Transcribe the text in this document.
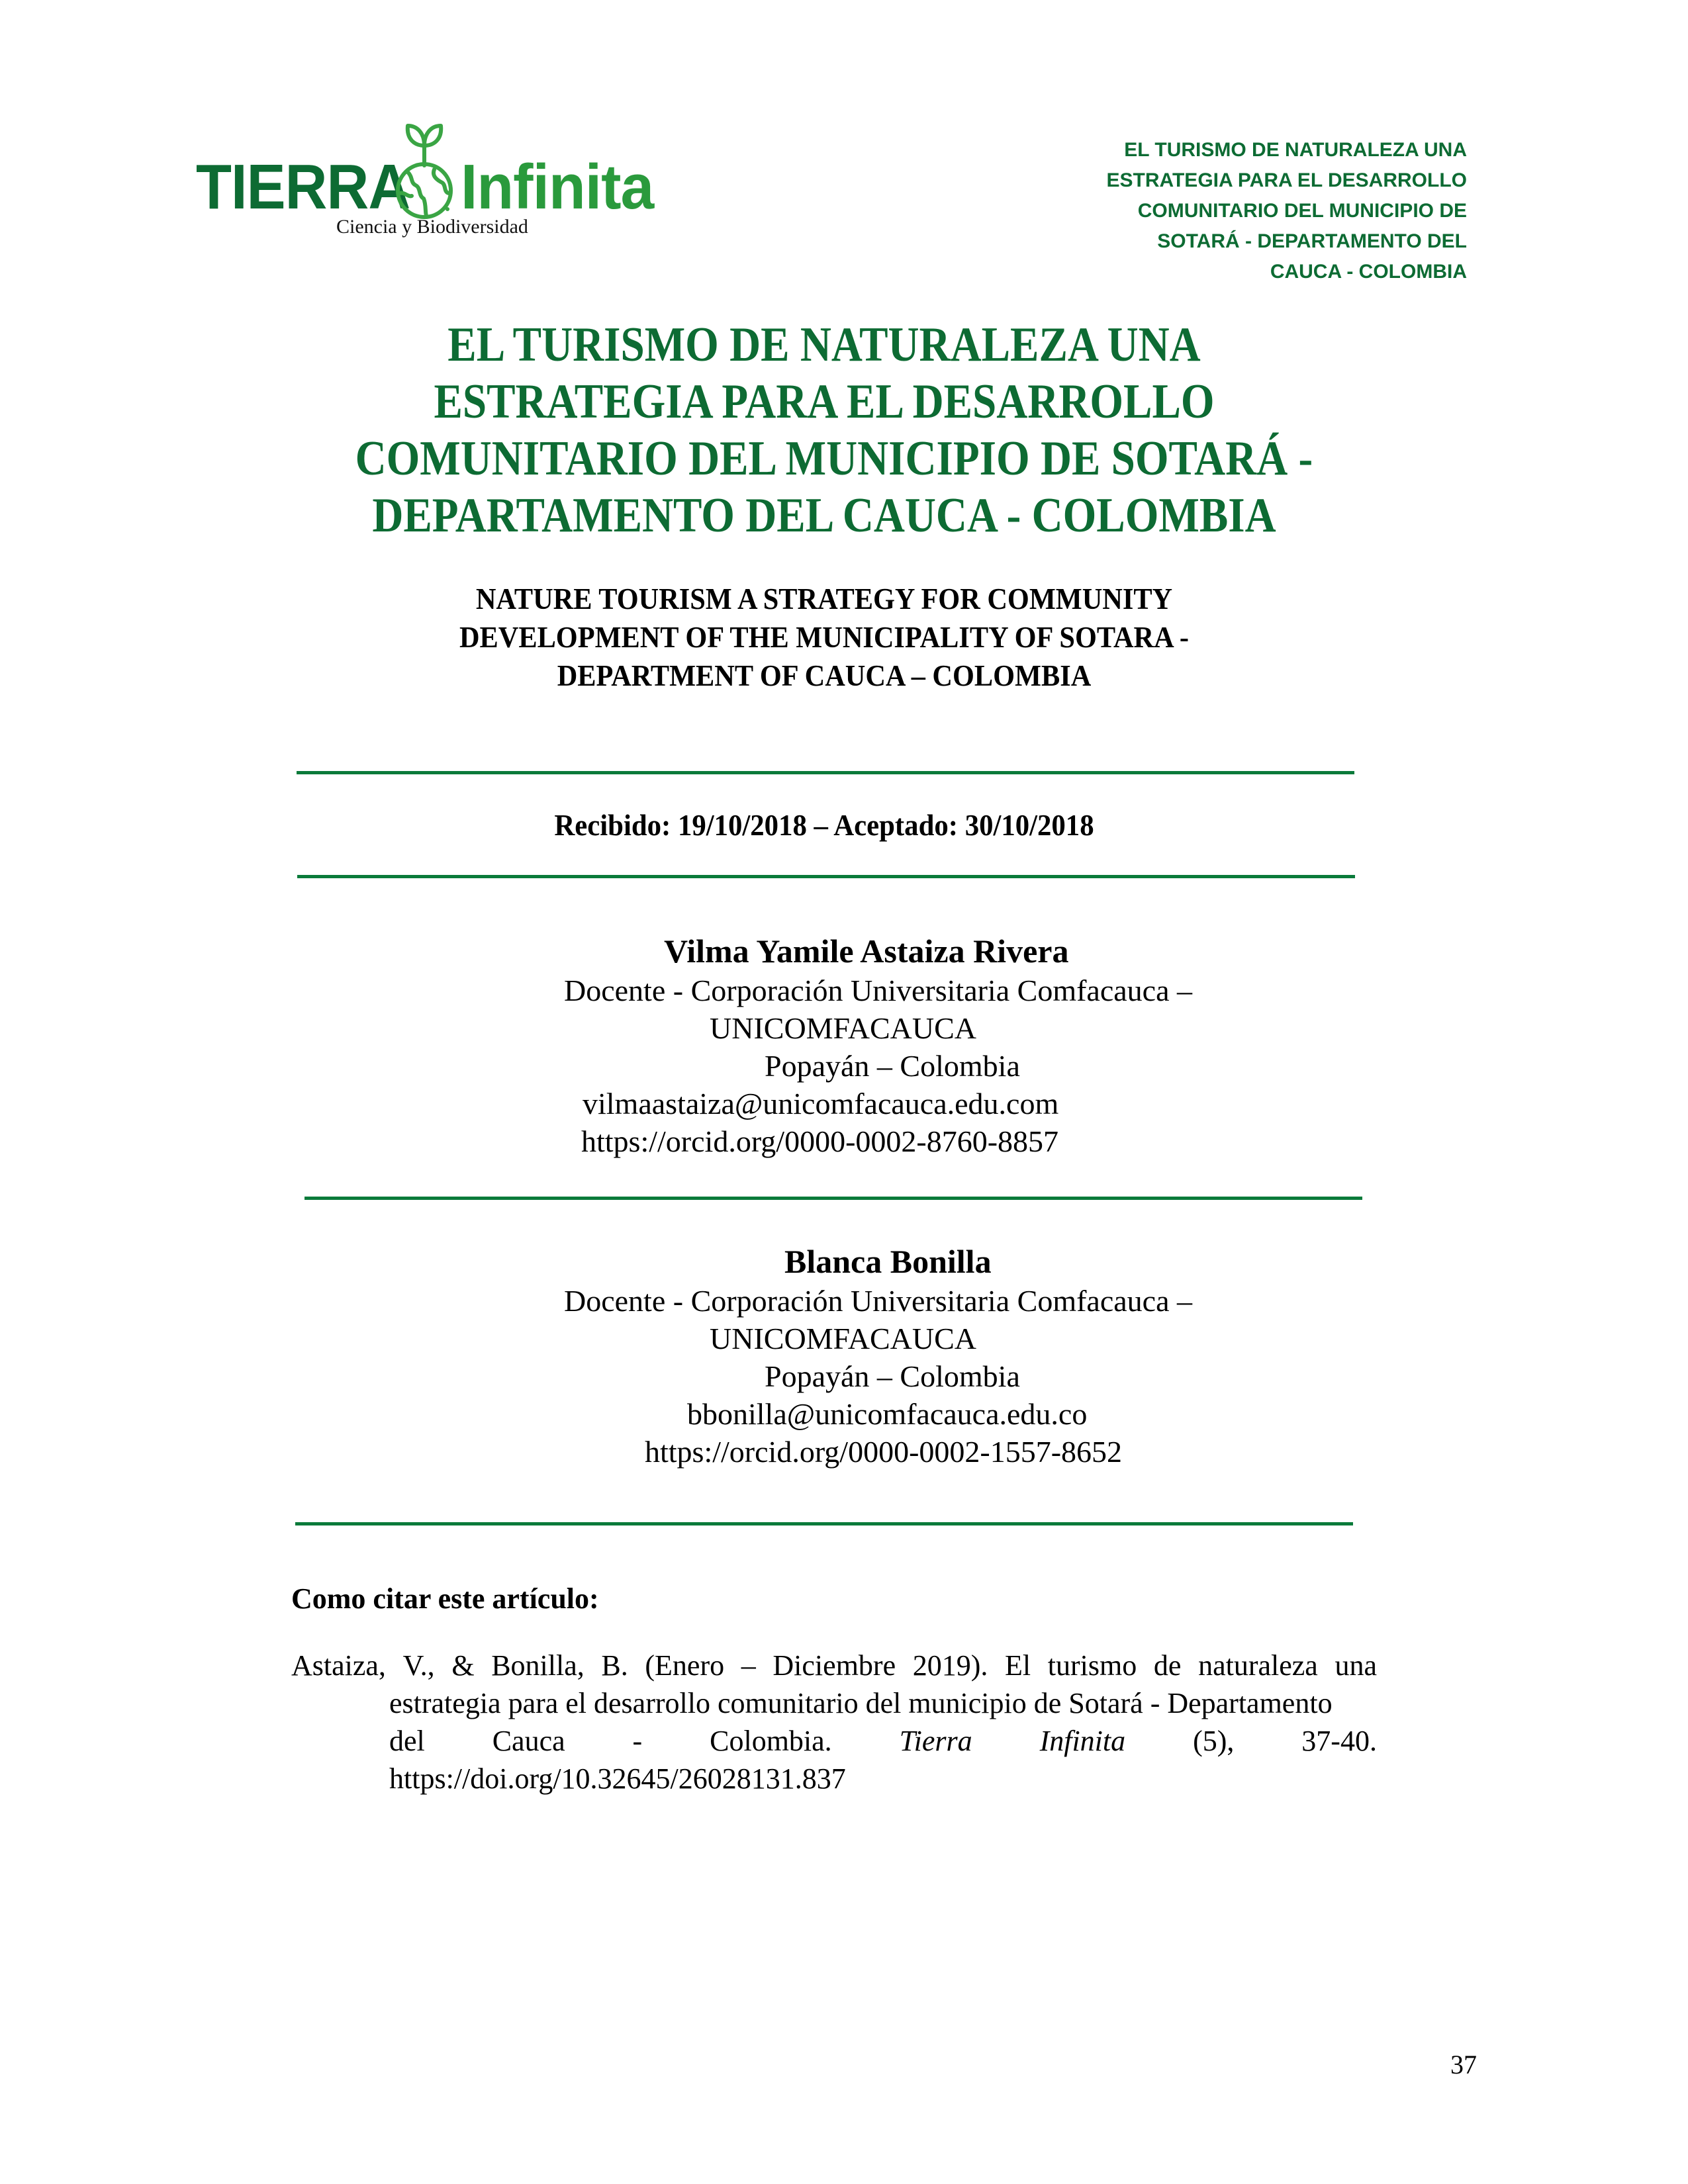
TIERRA Infinita
Ciencia y Biodiversidad
EL TURISMO DE NATURALEZA UNA
ESTRATEGIA PARA EL DESARROLLO
COMUNITARIO DEL MUNICIPIO DE
SOTARÁ - DEPARTAMENTO DEL
CAUCA - COLOMBIA
EL TURISMO DE NATURALEZA UNA
ESTRATEGIA PARA EL DESARROLLO
COMUNITARIO DEL MUNICIPIO DE SOTARÁ -
DEPARTAMENTO DEL CAUCA - COLOMBIA
NATURE TOURISM A STRATEGY FOR COMMUNITY
DEVELOPMENT OF THE MUNICIPALITY OF SOTARA -
DEPARTMENT OF CAUCA – COLOMBIA
Recibido: 19/10/2018 – Aceptado: 30/10/2018
Vilma Yamile Astaiza Rivera
Docente - Corporación Universitaria Comfacauca –
UNICOMFACAUCA
Popayán – Colombia
vilmaastaiza@unicomfacauca.edu.com
https://orcid.org/0000-0002-8760-8857
Blanca Bonilla
Docente - Corporación Universitaria Comfacauca –
UNICOMFACAUCA
Popayán – Colombia
bbonilla@unicomfacauca.edu.co
https://orcid.org/0000-0002-1557-8652
Como citar este artículo:
Astaiza, V., & Bonilla, B. (Enero – Diciembre 2019). El turismo de naturaleza una
estrategia para el desarrollo comunitario del municipio de Sotará - Departamento
del Cauca - Colombia. Tierra Infinita (5), 37-40.
https://doi.org/10.32645/26028131.837
37
